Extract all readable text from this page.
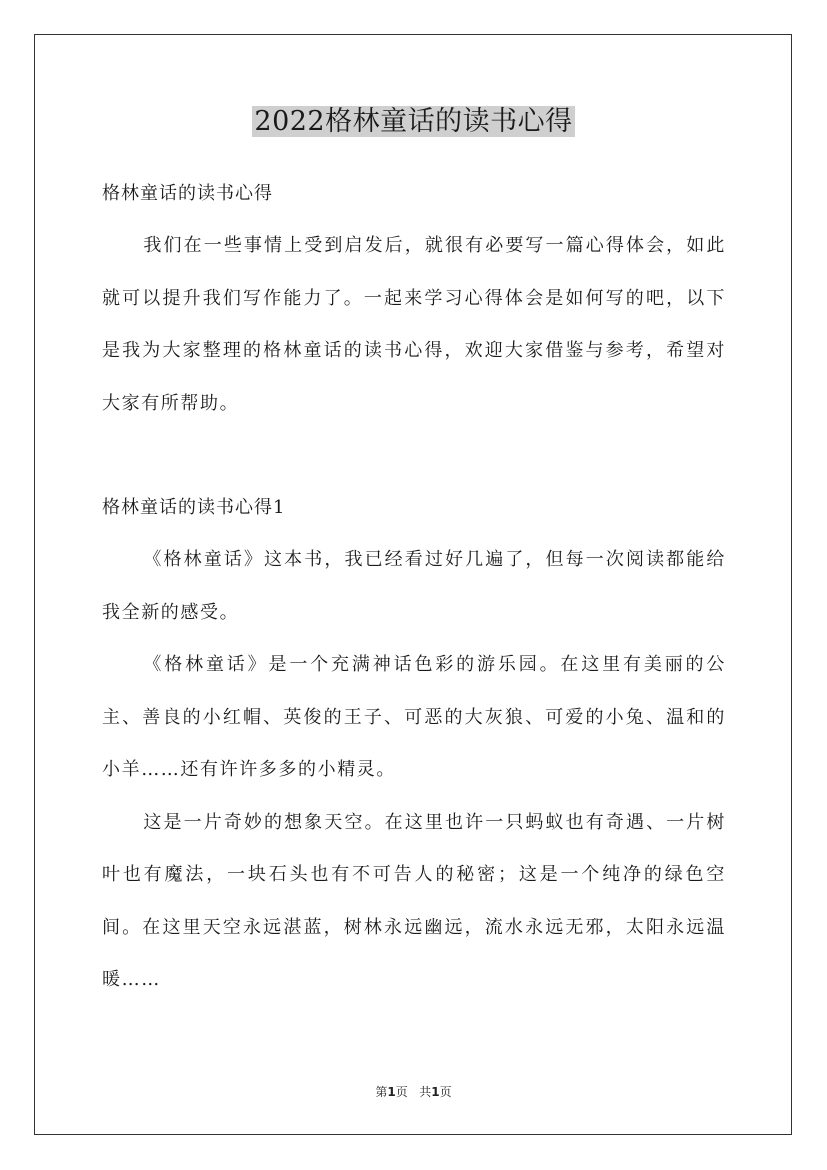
2022格林童话的读书心得

格林童话的读书心得

我们在一些事情上受到启发后，就很有必要写一篇心得体会，如此就可以提升我们写作能力了。一起来学习心得体会是如何写的吧，以下是我为大家整理的格林童话的读书心得，欢迎大家借鉴与参考，希望对大家有所帮助。

格林童话的读书心得1

《格林童话》这本书，我已经看过好几遍了，但每一次阅读都能给我全新的感受。

《格林童话》是一个充满神话色彩的游乐园。在这里有美丽的公主、善良的小红帽、英俊的王子、可恶的大灰狼、可爱的小兔、温和的小羊……还有许许多多的小精灵。

这是一片奇妙的想象天空。在这里也许一只蚂蚁也有奇遇、一片树叶也有魔法，一块石头也有不可告人的秘密；这是一个纯净的绿色空间。在这里天空永远湛蓝，树林永远幽远，流水永远无邪，太阳永远温暖……

第1页 共1页
